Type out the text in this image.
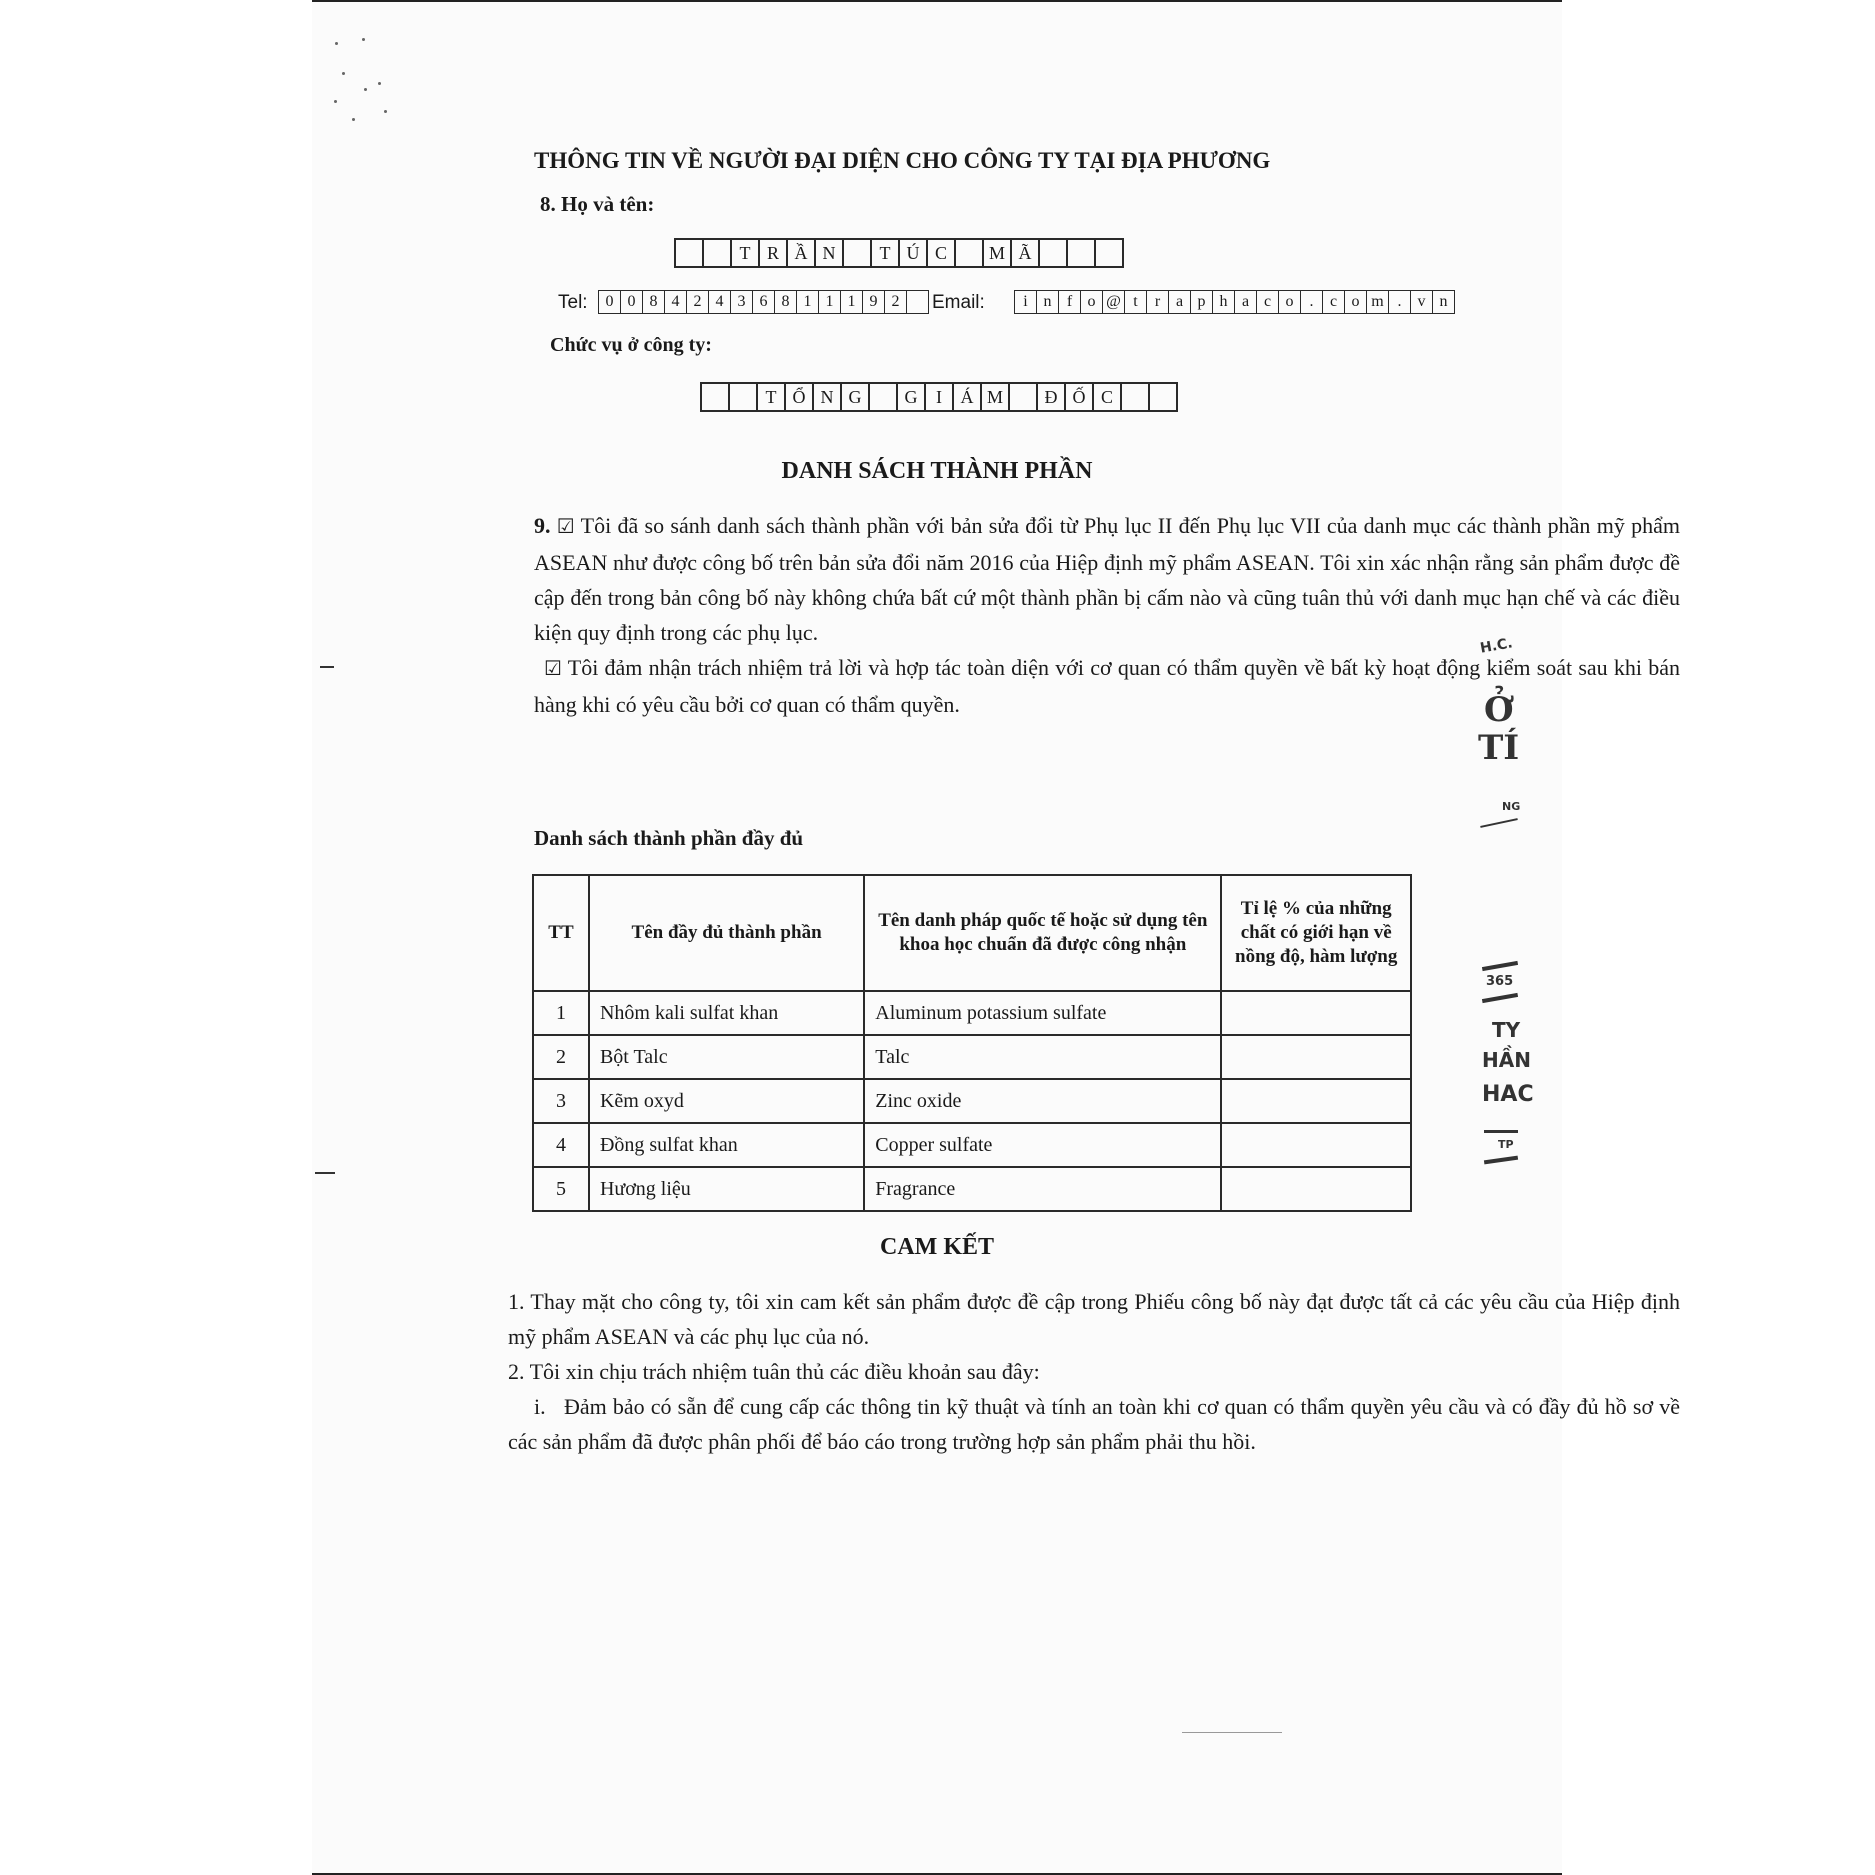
THÔNG TIN VỀ NGƯỜI ĐẠI DIỆN CHO CÔNG TY TẠI ĐỊA PHƯƠNG
8. Họ và tên:
T R Ầ N	T Ú C	M Ã
Tel:	0 0 8 4 2 4 3 6 8 1 1 1 9 2	Email:	i n f o @ t	r a p h a c o	.	c o m .	v n
Chức vụ ở công ty:
T Ổ N G	G	I	Á M	Đ Ố C
DANH SÁCH THÀNH PHẦN

9. ☑ Tôi đã so sánh danh sách thành phần với bản sửa đổi từ Phụ lục II đến Phụ lục VII của danh mục các thành phần mỹ phẩm ASEAN như được công bố trên bản sửa đổi năm 2016 của Hiệp định mỹ phẩm ASEAN. Tôi xin xác nhận rằng sản phẩm được đề cập đến trong bản công bố này không chứa bất cứ một thành phần bị cấm nào và cũng tuân thủ với danh mục hạn chế và các điều kiện quy định trong các phụ lục.

☑ Tôi đảm nhận trách nhiệm trả lời và hợp tác toàn diện với cơ quan có thẩm quyền về bất kỳ hoạt động kiểm soát sau khi bán hàng khi có yêu cầu bởi cơ quan có thẩm quyền.

Danh sách thành phần đầy đủ
TT	Tên đầy đủ thành phần	Tên danh pháp quốc tế hoặc sử dụng tên khoa học chuẩn đã được công nhận	Tỉ lệ % của những chất có giới hạn về nồng độ, hàm lượng
1	Nhôm kali sulfat khan	Aluminum potassium sulfate	
2	Bột Talc	Talc	
3	Kẽm oxyd	Zinc oxide	
4	Đồng sulfat khan	Copper sulfate	
5	Hương liệu	Fragrance	
CAM KẾT

1. Thay mặt cho công ty, tôi xin cam kết sản phẩm được đề cập trong Phiếu công bố này đạt được tất cả các yêu cầu của Hiệp định mỹ phẩm ASEAN và các phụ lục của nó.

2. Tôi xin chịu trách nhiệm tuân thủ các điều khoản sau đây:

i. Đảm bảo có sẵn để cung cấp các thông tin kỹ thuật và tính an toàn khi cơ quan có thẩm quyền yêu cầu và có đầy đủ hồ sơ về các sản phẩm đã được phân phối để báo cáo trong trường hợp sản phẩm phải thu hồi.

H.C.
Ở
TÍ
NG
365
TY
HẦN
HAC
TP
